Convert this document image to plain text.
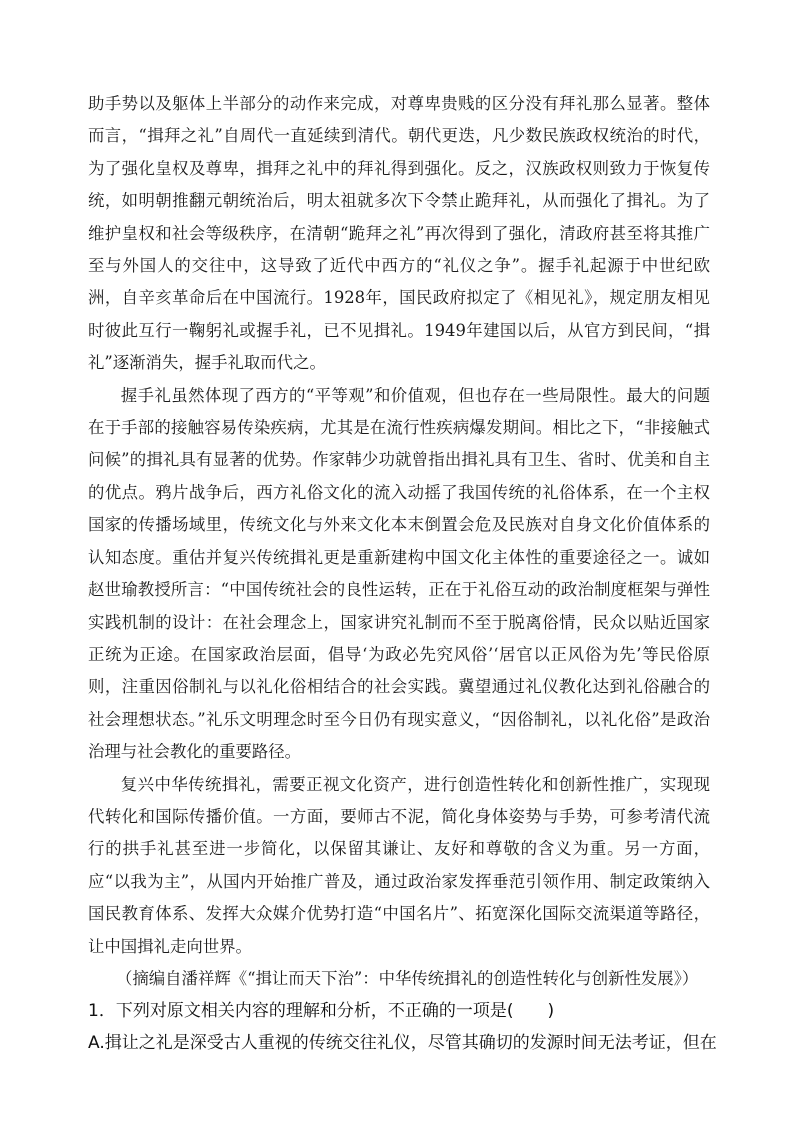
助手势以及躯体上半部分的动作来完成，对尊卑贵贱的区分没有拜礼那么显著。整体而言，“揖拜之礼”自周代一直延续到清代。朝代更迭，凡少数民族政权统治的时代，为了强化皇权及尊卑，揖拜之礼中的拜礼得到强化。反之，汉族政权则致力于恢复传统，如明朝推翻元朝统治后，明太祖就多次下令禁止跪拜礼，从而强化了揖礼。为了维护皇权和社会等级秩序，在清朝“跪拜之礼”再次得到了强化，清政府甚至将其推广至与外国人的交往中，这导致了近代中西方的“礼仪之争”。握手礼起源于中世纪欧洲，自辛亥革命后在中国流行。1928年，国民政府拟定了《相见礼》，规定朋友相见时彼此互行一鞠躬礼或握手礼，已不见揖礼。1949年建国以后，从官方到民间，“揖礼”逐渐消失，握手礼取而代之。

握手礼虽然体现了西方的“平等观”和价值观，但也存在一些局限性。最大的问题在于手部的接触容易传染疾病，尤其是在流行性疾病爆发期间。相比之下，“非接触式问候”的揖礼具有显著的优势。作家韩少功就曾指出揖礼具有卫生、省时、优美和自主的优点。鸦片战争后，西方礼俗文化的流入动摇了我国传统的礼俗体系，在一个主权国家的传播场域里，传统文化与外来文化本末倒置会危及民族对自身文化价值体系的认知态度。重估并复兴传统揖礼更是重新建构中国文化主体性的重要途径之一。诚如赵世瑜教授所言：“中国传统社会的良性运转，正在于礼俗互动的政治制度框架与弹性实践机制的设计：在社会理念上，国家讲究礼制而不至于脱离俗情，民众以贴近国家正统为正途。在国家政治层面，倡导‘为政必先究风俗’‘居官以正风俗为先’等民俗原则，注重因俗制礼与以礼化俗相结合的社会实践。冀望通过礼仪教化达到礼俗融合的社会理想状态。”礼乐文明理念时至今日仍有现实意义，“因俗制礼，以礼化俗”是政治治理与社会教化的重要路径。

复兴中华传统揖礼，需要正视文化资产，进行创造性转化和创新性推广，实现现代转化和国际传播价值。一方面，要师古不泥，简化身体姿势与手势，可参考清代流行的拱手礼甚至进一步简化，以保留其谦让、友好和尊敬的含义为重。另一方面，应“以我为主”，从国内开始推广普及，通过政治家发挥垂范引领作用、制定政策纳入国民教育体系、发挥大众媒介优势打造“中国名片”、拓宽深化国际交流渠道等路径，让中国揖礼走向世界。

（摘编自潘祥辉《“揖让而天下治”：中华传统揖礼的创造性转化与创新性发展》）

1．下列对原文相关内容的理解和分析，不正确的一项是(　　)

A.揖让之礼是深受古人重视的传统交往礼仪，尽管其确切的发源时间无法考证，但在
